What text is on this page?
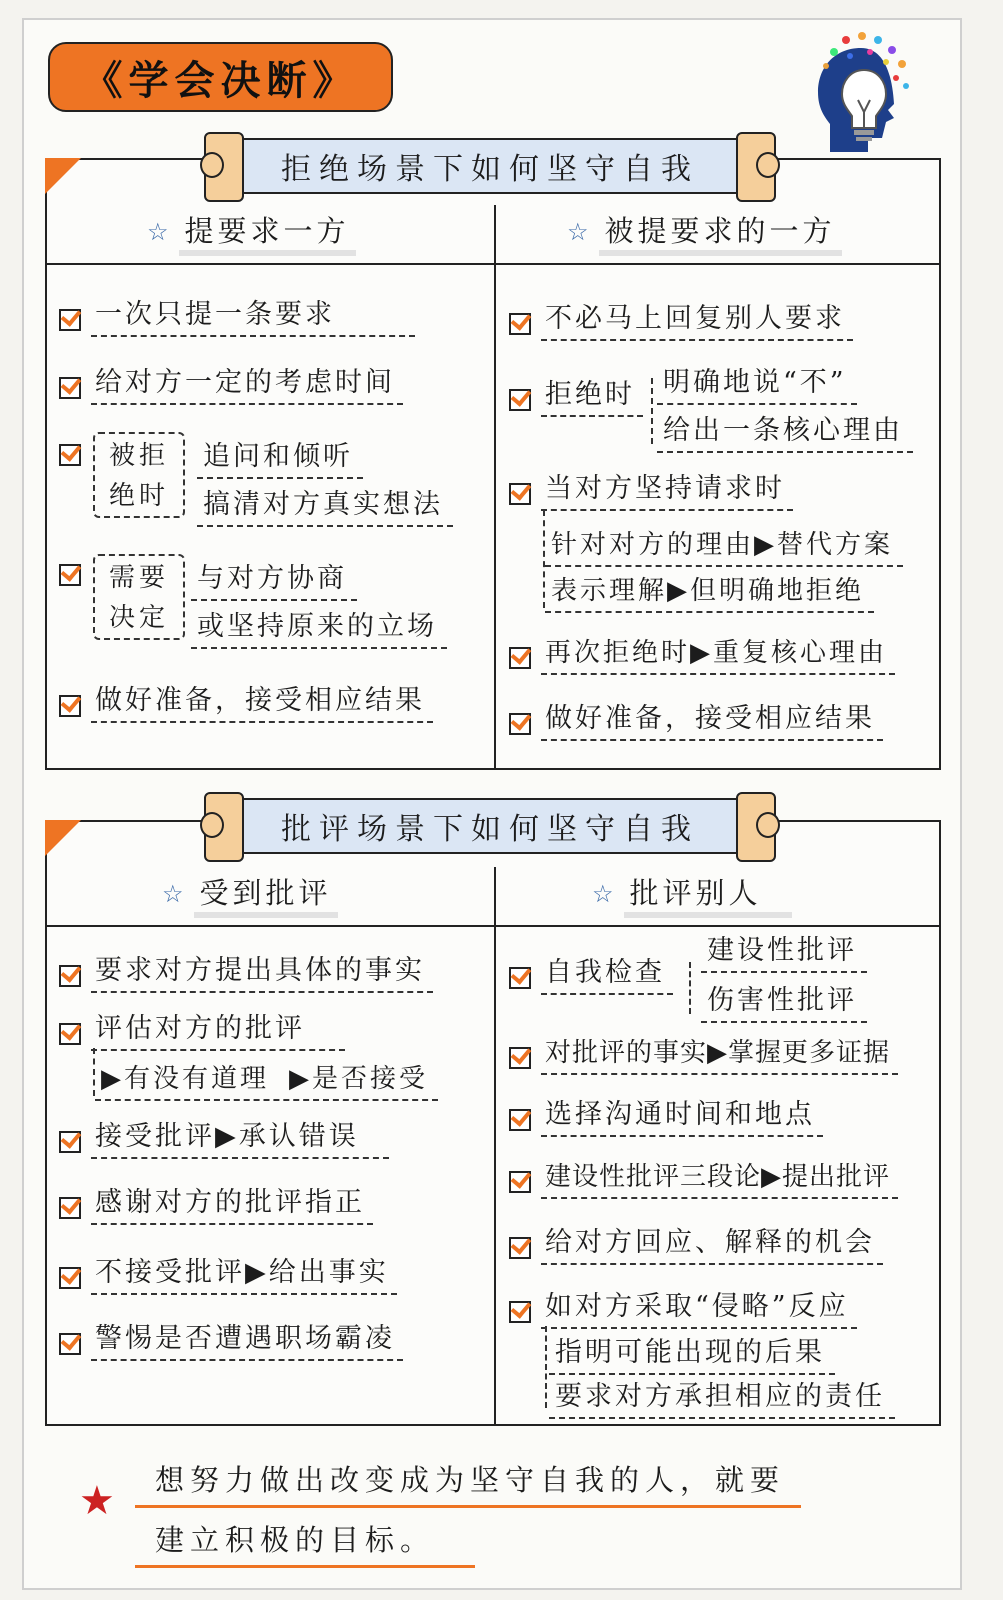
《学会决断》
☆ 提要求一方	☆ 被提要求的一方
一次只提一条要求
给对方一定的考虑时间
被拒绝时
追问和倾听
搞清对方真实想法
需要决定
与对方协商
或坚持原来的立场
做好准备，接受相应结果
不必马上回复别人要求
拒绝时 明确地说“不”
给出一条核心理由
当对方坚持请求时
针对对方的理由▶替代方案
表示理解▶但明确地拒绝
再次拒绝时▶重复核心理由
做好准备，接受相应结果
拒绝场景下如何坚守自我
☆ 受到批评	☆ 批评别人
要求对方提出具体的事实
评估对方的批评
▶有没有道理 ▶是否接受
接受批评▶承认错误
感谢对方的批评指正
不接受批评▶给出事实
警惕是否遭遇职场霸凌
自我检查
建设性批评
伤害性批评
对批评的事实▶掌握更多证据
选择沟通时间和地点
建设性批评三段论▶提出批评
给对方回应、解释的机会
如对方采取“侵略”反应
指明可能出现的后果
要求对方承担相应的责任
批评场景下如何坚守自我
★	想努力做出改变成为坚守自我的人，就要
建立积极的目标。
